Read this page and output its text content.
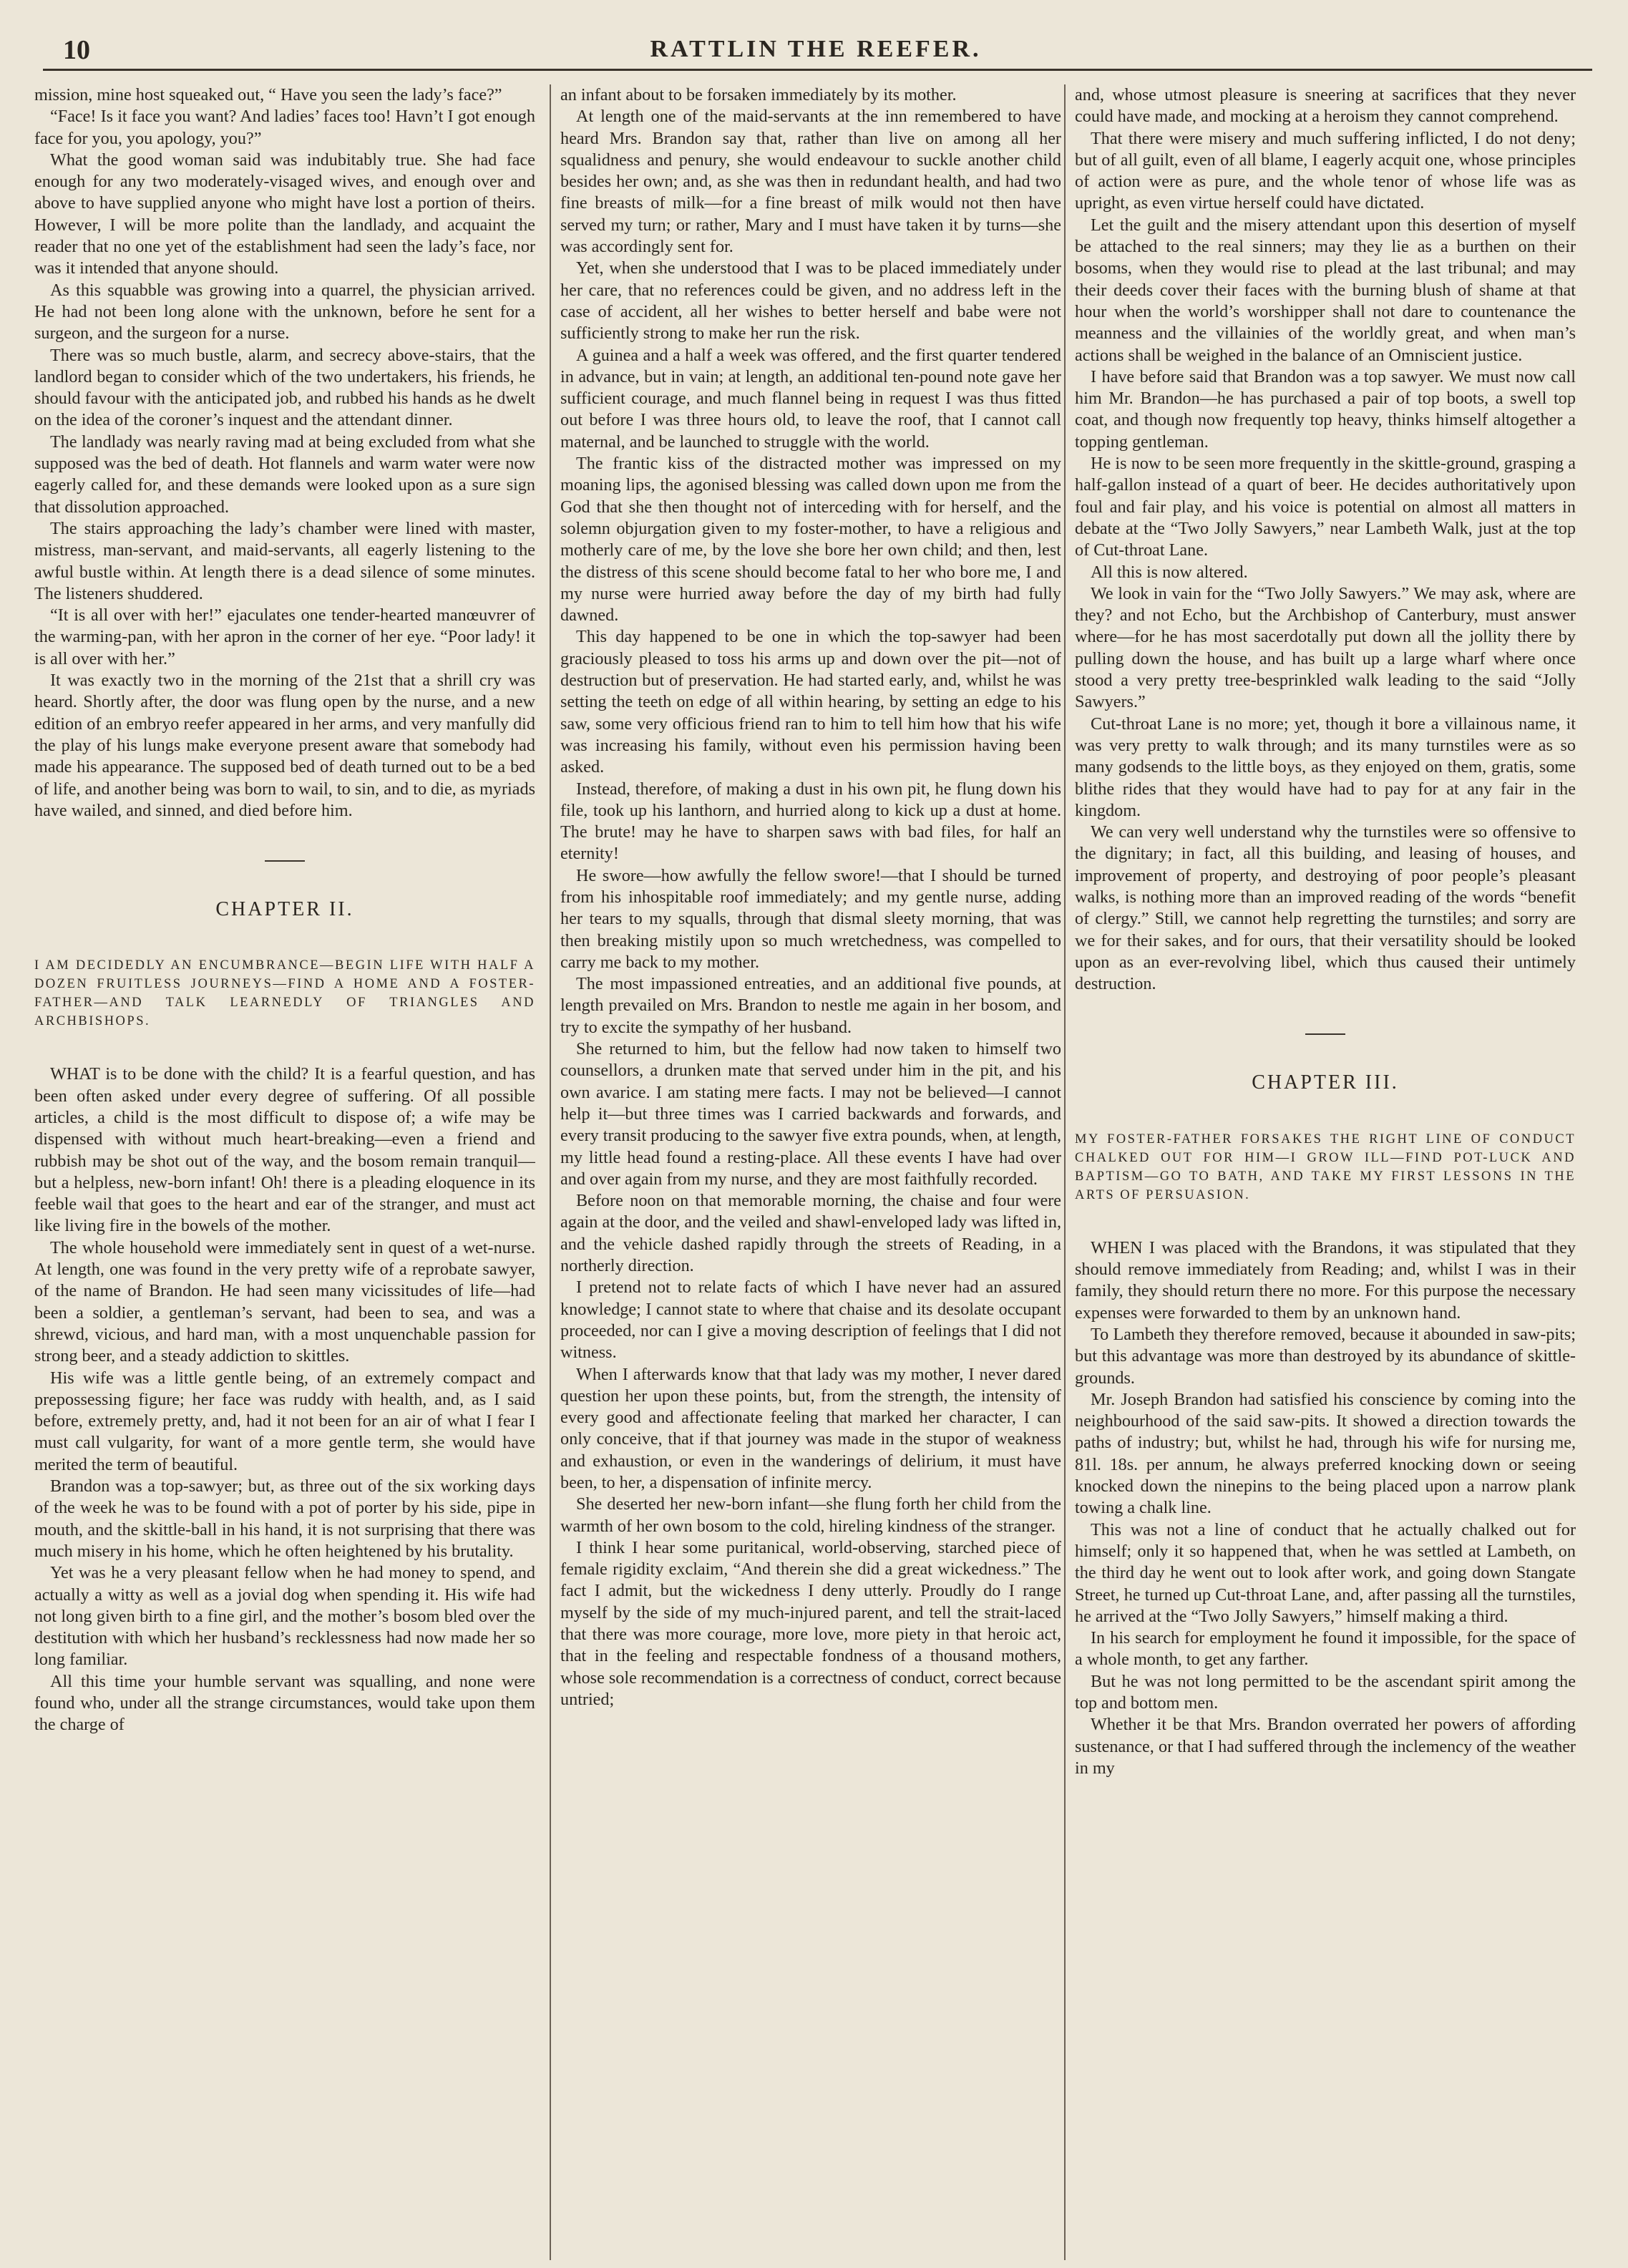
10	RATTLIN THE REEFER.

mission, mine host squeaked out, “ Have you seen the lady’s face?”

“Face! Is it face you want? And ladies’ faces too! Havn’t I got enough face for you, you apology, you?”

What the good woman said was indubitably true. She had face enough for any two moderately-visaged wives, and enough over and above to have supplied anyone who might have lost a portion of theirs. However, I will be more polite than the landlady, and acquaint the reader that no one yet of the establishment had seen the lady’s face, nor was it intended that anyone should.

As this squabble was growing into a quarrel, the physician arrived. He had not been long alone with the unknown, before he sent for a surgeon, and the surgeon for a nurse.

There was so much bustle, alarm, and secrecy above-stairs, that the landlord began to consider which of the two undertakers, his friends, he should favour with the anticipated job, and rubbed his hands as he dwelt on the idea of the coroner’s inquest and the attendant dinner.

The landlady was nearly raving mad at being excluded from what she supposed was the bed of death. Hot flannels and warm water were now eagerly called for, and these demands were looked upon as a sure sign that dissolution approached.

The stairs approaching the lady’s chamber were lined with master, mistress, man-servant, and maid-servants, all eagerly listening to the awful bustle within. At length there is a dead silence of some minutes. The listeners shuddered.

“It is all over with her!” ejaculates one tender-hearted manœuvrer of the warming-pan, with her apron in the corner of her eye. “Poor lady! it is all over with her.”

It was exactly two in the morning of the 21st that a shrill cry was heard. Shortly after, the door was flung open by the nurse, and a new edition of an embryo reefer appeared in her arms, and very manfully did the play of his lungs make everyone present aware that somebody had made his appearance. The supposed bed of death turned out to be a bed of life, and another being was born to wail, to sin, and to die, as myriads have wailed, and sinned, and died before him.

CHAPTER II.
I AM DECIDEDLY AN ENCUMBRANCE—BEGIN LIFE WITH HALF A DOZEN FRUITLESS JOURNEYS—FIND A HOME AND A FOSTER-FATHER—AND TALK LEARNEDLY OF TRIANGLES AND ARCHBISHOPS.

WHAT is to be done with the child? It is a fearful question, and has been often asked under every degree of suffering. Of all possible articles, a child is the most difficult to dispose of; a wife may be dispensed with without much heart-breaking—even a friend and rubbish may be shot out of the way, and the bosom remain tranquil—but a helpless, new-born infant! Oh! there is a pleading eloquence in its feeble wail that goes to the heart and ear of the stranger, and must act like living fire in the bowels of the mother.

The whole household were immediately sent in quest of a wet-nurse. At length, one was found in the very pretty wife of a reprobate sawyer, of the name of Brandon. He had seen many vicissitudes of life—had been a soldier, a gentleman’s servant, had been to sea, and was a shrewd, vicious, and hard man, with a most unquenchable passion for strong beer, and a steady addiction to skittles.

His wife was a little gentle being, of an extremely compact and prepossessing figure; her face was ruddy with health, and, as I said before, extremely pretty, and, had it not been for an air of what I fear I must call vulgarity, for want of a more gentle term, she would have merited the term of beautiful.

Brandon was a top-sawyer; but, as three out of the six working days of the week he was to be found with a pot of porter by his side, pipe in mouth, and the skittle-ball in his hand, it is not surprising that there was much misery in his home, which he often heightened by his brutality.

Yet was he a very pleasant fellow when he had money to spend, and actually a witty as well as a jovial dog when spending it. His wife had not long given birth to a fine girl, and the mother’s bosom bled over the destitution with which her husband’s recklessness had now made her so long familiar.

All this time your humble servant was squalling, and none were found who, under all the strange circumstances, would take upon them the charge of

an infant about to be forsaken immediately by its mother.

At length one of the maid-servants at the inn remembered to have heard Mrs. Brandon say that, rather than live on among all her squalidness and penury, she would endeavour to suckle another child besides her own; and, as she was then in redundant health, and had two fine breasts of milk—for a fine breast of milk would not then have served my turn; or rather, Mary and I must have taken it by turns—she was accordingly sent for.

Yet, when she understood that I was to be placed immediately under her care, that no references could be given, and no address left in the case of accident, all her wishes to better herself and babe were not sufficiently strong to make her run the risk.

A guinea and a half a week was offered, and the first quarter tendered in advance, but in vain; at length, an additional ten-pound note gave her sufficient courage, and much flannel being in request I was thus fitted out before I was three hours old, to leave the roof, that I cannot call maternal, and be launched to struggle with the world.

The frantic kiss of the distracted mother was impressed on my moaning lips, the agonised blessing was called down upon me from the God that she then thought not of interceding with for herself, and the solemn objurgation given to my foster-mother, to have a religious and motherly care of me, by the love she bore her own child; and then, lest the distress of this scene should become fatal to her who bore me, I and my nurse were hurried away before the day of my birth had fully dawned.

This day happened to be one in which the top-sawyer had been graciously pleased to toss his arms up and down over the pit—not of destruction but of preservation. He had started early, and, whilst he was setting the teeth on edge of all within hearing, by setting an edge to his saw, some very officious friend ran to him to tell him how that his wife was increasing his family, without even his permission having been asked.

Instead, therefore, of making a dust in his own pit, he flung down his file, took up his lanthorn, and hurried along to kick up a dust at home. The brute! may he have to sharpen saws with bad files, for half an eternity!

He swore—how awfully the fellow swore!—that I should be turned from his inhospitable roof immediately; and my gentle nurse, adding her tears to my squalls, through that dismal sleety morning, that was then breaking mistily upon so much wretchedness, was compelled to carry me back to my mother.

The most impassioned entreaties, and an additional five pounds, at length prevailed on Mrs. Brandon to nestle me again in her bosom, and try to excite the sympathy of her husband.

She returned to him, but the fellow had now taken to himself two counsellors, a drunken mate that served under him in the pit, and his own avarice. I am stating mere facts. I may not be believed—I cannot help it—but three times was I carried backwards and forwards, and every transit producing to the sawyer five extra pounds, when, at length, my little head found a resting-place. All these events I have had over and over again from my nurse, and they are most faithfully recorded.

Before noon on that memorable morning, the chaise and four were again at the door, and the veiled and shawl-enveloped lady was lifted in, and the vehicle dashed rapidly through the streets of Reading, in a northerly direction.

I pretend not to relate facts of which I have never had an assured knowledge; I cannot state to where that chaise and its desolate occupant proceeded, nor can I give a moving description of feelings that I did not witness.

When I afterwards know that that lady was my mother, I never dared question her upon these points, but, from the strength, the intensity of every good and affectionate feeling that marked her character, I can only conceive, that if that journey was made in the stupor of weakness and exhaustion, or even in the wanderings of delirium, it must have been, to her, a dispensation of infinite mercy.

She deserted her new-born infant—she flung forth her child from the warmth of her own bosom to the cold, hireling kindness of the stranger.

I think I hear some puritanical, world-observing, starched piece of female rigidity exclaim, “And therein she did a great wickedness.” The fact I admit, but the wickedness I deny utterly. Proudly do I range myself by the side of my much-injured parent, and tell the strait-laced that there was more courage, more love, more piety in that heroic act, that in the feeling and respectable fondness of a thousand mothers, whose sole recommendation is a correctness of conduct, correct because untried;

and, whose utmost pleasure is sneering at sacrifices that they never could have made, and mocking at a heroism they cannot comprehend.

That there were misery and much suffering inflicted, I do not deny; but of all guilt, even of all blame, I eagerly acquit one, whose principles of action were as pure, and the whole tenor of whose life was as upright, as even virtue herself could have dictated.

Let the guilt and the misery attendant upon this desertion of myself be attached to the real sinners; may they lie as a burthen on their bosoms, when they would rise to plead at the last tribunal; and may their deeds cover their faces with the burning blush of shame at that hour when the world’s worshipper shall not dare to countenance the meanness and the villainies of the worldly great, and when man’s actions shall be weighed in the balance of an Omniscient justice.

I have before said that Brandon was a top sawyer. We must now call him Mr. Brandon—he has purchased a pair of top boots, a swell top coat, and though now frequently top heavy, thinks himself altogether a topping gentleman.

He is now to be seen more frequently in the skittle-ground, grasping a half-gallon instead of a quart of beer. He decides authoritatively upon foul and fair play, and his voice is potential on almost all matters in debate at the “Two Jolly Sawyers,” near Lambeth Walk, just at the top of Cut-throat Lane.

All this is now altered.

We look in vain for the “Two Jolly Sawyers.” We may ask, where are they? and not Echo, but the Archbishop of Canterbury, must answer where—for he has most sacerdotally put down all the jollity there by pulling down the house, and has built up a large wharf where once stood a very pretty tree-besprinkled walk leading to the said “Jolly Sawyers.”

Cut-throat Lane is no more; yet, though it bore a villainous name, it was very pretty to walk through; and its many turnstiles were as so many godsends to the little boys, as they enjoyed on them, gratis, some blithe rides that they would have had to pay for at any fair in the kingdom.

We can very well understand why the turnstiles were so offensive to the dignitary; in fact, all this building, and leasing of houses, and improvement of property, and destroying of poor people’s pleasant walks, is nothing more than an improved reading of the words “benefit of clergy.” Still, we cannot help regretting the turnstiles; and sorry are we for their sakes, and for ours, that their versatility should be looked upon as an ever-revolving libel, which thus caused their untimely destruction.

CHAPTER III.
MY FOSTER-FATHER FORSAKES THE RIGHT LINE OF CONDUCT CHALKED OUT FOR HIM—I GROW ILL—FIND POT-LUCK AND BAPTISM—GO TO BATH, AND TAKE MY FIRST LESSONS IN THE ARTS OF PERSUASION.

WHEN I was placed with the Brandons, it was stipulated that they should remove immediately from Reading; and, whilst I was in their family, they should return there no more. For this purpose the necessary expenses were forwarded to them by an unknown hand.

To Lambeth they therefore removed, because it abounded in saw-pits; but this advantage was more than destroyed by its abundance of skittle-grounds.

Mr. Joseph Brandon had satisfied his conscience by coming into the neighbourhood of the said saw-pits. It showed a direction towards the paths of industry; but, whilst he had, through his wife for nursing me, 81l. 18s. per annum, he always preferred knocking down or seeing knocked down the ninepins to the being placed upon a narrow plank towing a chalk line.

This was not a line of conduct that he actually chalked out for himself; only it so happened that, when he was settled at Lambeth, on the third day he went out to look after work, and going down Stangate Street, he turned up Cut-throat Lane, and, after passing all the turnstiles, he arrived at the “Two Jolly Sawyers,” himself making a third.

In his search for employment he found it impossible, for the space of a whole month, to get any farther.

But he was not long permitted to be the ascendant spirit among the top and bottom men.

Whether it be that Mrs. Brandon overrated her powers of affording sustenance, or that I had suffered through the inclemency of the weather in my
